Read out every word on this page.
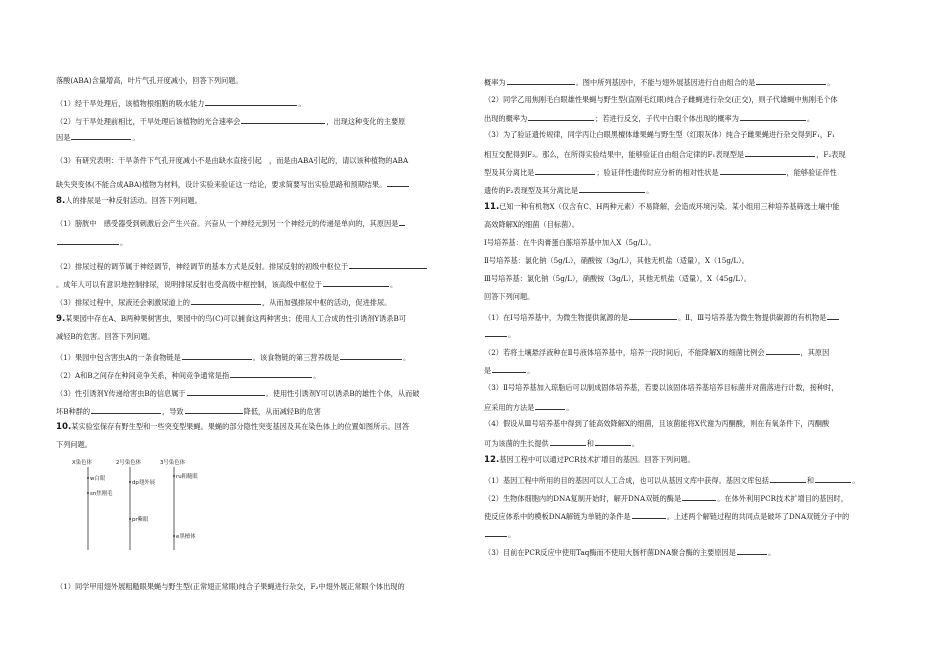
落酸(ABA)含量增高，叶片气孔开度减小，回答下列问题。
（1）经干旱处理后，该植物根细胞的吸水能力	。
（2）与干旱处理前相比，干旱处理后该植物的光合速率会	，出现这种变化的主要原
因是	。
（3）有研究表明：干旱条件下气孔开度减小不是由缺水直接引起　，而是由ABA引起的，请以该种植物的ABA
缺失突变体(不能合成ABA)植物为材料，设计实验来验证这一结论，要求简要写出实验思路和预期结果。
8.人的排尿是一种反射活动。回答下列问题。
（1）膀胱中　感受器受到刺激后会产生兴奋。兴奋从一个神经元到另一个神经元的传递是单向的，其原因是
。
（2）排尿过程的调节属于神经调节，神经调节的基本方式是反射。排尿反射的初级中枢位于
。成年人可以有意识地控制排尿，说明排尿反射也受高级中枢控制，该高级中枢位于	。
（3）排尿过程中，尿液还会刺激尿道上的	，从而加强排尿中枢的活动，促进排尿。
9.某果园中存在A、B两种果树害虫，果园中的鸟(C)可以捕食这两种害虫；使用人工合成的性引诱剂Y诱杀B可
减轻B的危害。回答下列问题。
（1）果园中包含害虫A的一条食物链是	。该食物链的第三营养级是	。
（2）A和B之间存在种间竞争关系，种间竞争通常是指	。
（3）性引诱剂Y传递给害虫B的信息属于	。使用性引诱剂Y可以诱杀B的雄性个体，从而破
坏B种群的	，导致	降低，从而减轻B的危害
10.某实验室保存有野生型和一些突变型果蝇。果蝇的部分隐性突变基因及其在染色体上的位置如图所示。回答
下列问题。
X染色体
w白眼
sn焦刚毛
2号染色体
dp翅外展
pr紫眼
3号染色体
ru粗糙眼
e黑檀体
（1）同学甲用翅外展粗糙眼果蝇与野生型(正常翅正常眼)纯合子果蝇进行杂交，F₂中翅外展正常眼个体出现的
概率为	。图中所列基因中，不能与翅外展基因进行自由组合的是	。
（2）同学乙用焦刚毛白眼雄性果蝇与野生型(直刚毛红眼)纯合子雌蝇进行杂交(正交)，则子代雄蝇中焦刚毛个体
出现的概率为	；若进行反交，子代中白眼个体出现的概率为	。
（3）为了验证遗传规律，同学丙让白眼黑檀体雄果蝇与野生型（红眼灰体）纯合子雌果蝇进行杂交得到F₁，F₁
相互交配得到F₂。那么，在所得实验结果中，能够验证自由组合定律的F₁表现型是	，F₂表现
型及其分离比是	；验证伴性遗传时应分析的相对性状是	，能够验证伴性
遗传的F₂表现型及其分离比是	。
11.已知一种有机物X（仅含有C、H两种元素）不易降解，会造成环境污染。某小组用三种培养基筛选土壤中能
高效降解X的细菌（目标菌）。
Ⅰ号培养基：在牛肉膏蛋白胨培养基中加入X（5g/L）。
Ⅱ号培养基：氯化钠（5g/L），硝酸铵（3g/L），其他无机盐（适量），X（15g/L）。
Ⅲ号培养基：氯化钠（5g/L），硝酸铵（3g/L），其他无机盐（适量），X（45g/L）。
回答下列问题。
（1）在Ⅰ号培养基中，为微生物提供氮源的是	。Ⅱ、Ⅲ号培养基为微生物提供碳源的有机物是
。
（2）若将土壤悬浮液种在Ⅱ号液体培养基中，培养一段时间后，不能降解X的细菌比例会	，其原因
是	。
（3）Ⅱ号培养基加入琼脂后可以制成固体培养基，若要以该固体培养基培养目标菌并对菌落进行计数，接种时，
应采用的方法是	。
（4）假设从Ⅲ号培养基中得到了能高效降解X的细菌，且该菌能将X代谢为丙酮酸，则在有氧条件下，丙酮酸
可为该菌的生长提供	和	。
12.基因工程中可以通过PCR技术扩增目的基因。回答下列问题。
（1）基因工程中所用的目的基因可以人工合成，也可以从基因文库中获得。基因文库包括	和	。
（2）生物体细胞内的DNA复制开始时，解开DNA双链的酶是	。在体外利用PCR技术扩增目的基因时，
使反应体系中的模板DNA解链为单链的条件是	。上述两个解链过程的共同点是破坏了DNA双链分子中的
。
（3）目前在PCR反应中使用Taq酶而不使用大肠杆菌DNA聚合酶的主要原因是	。
